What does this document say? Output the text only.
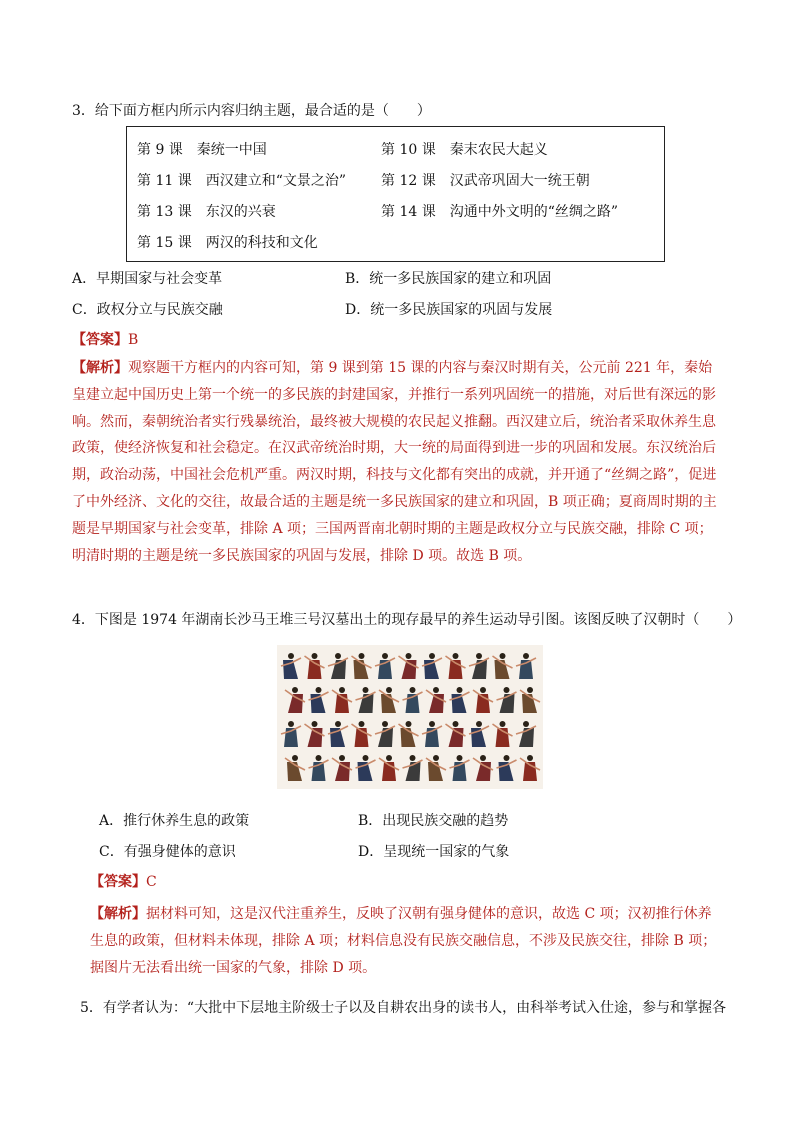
3．给下面方框内所示内容归纳主题，最合适的是（　　）
第 9 课　秦统一中国	第 10 课　秦末农民大起义
第 11 课　西汉建立和“文景之治” 第 12 课　汉武帝巩固大一统王朝
第 13 课　东汉的兴衰	第 14 课　沟通中外文明的“丝绸之路”
第 15 课　两汉的科技和文化
A．早期国家与社会变革	B．统一多民族国家的建立和巩固
C．政权分立与民族交融	D．统一多民族国家的巩固与发展
【答案】B
【解析】观察题干方框内的内容可知，第 9 课到第 15 课的内容与秦汉时期有关，公元前 221 年，秦始皇建立起中国历史上第一个统一的多民族的封建国家，并推行一系列巩固统一的措施，对后世有深远的影响。然而，秦朝统治者实行残暴统治，最终被大规模的农民起义推翻。西汉建立后，统治者采取休养生息政策，使经济恢复和社会稳定。在汉武帝统治时期，大一统的局面得到进一步的巩固和发展。东汉统治后期，政治动荡，中国社会危机严重。两汉时期，科技与文化都有突出的成就，并开通了“丝绸之路”，促进了中外经济、文化的交往，故最合适的主题是统一多民族国家的建立和巩固，B 项正确；夏商周时期的主题是早期国家与社会变革，排除 A 项；三国两晋南北朝时期的主题是政权分立与民族交融，排除 C 项；明清时期的主题是统一多民族国家的巩固与发展，排除 D 项。故选 B 项。
4．下图是 1974 年湖南长沙马王堆三号汉墓出土的现存最早的养生运动导引图。该图反映了汉朝时（　　）
A．推行休养生息的政策	B．出现民族交融的趋势
C．有强身健体的意识	D．呈现统一国家的气象
【答案】C
【解析】据材料可知，这是汉代注重养生，反映了汉朝有强身健体的意识，故选 C 项；汉初推行休养生息的政策，但材料未体现，排除 A 项；材料信息没有民族交融信息，不涉及民族交往，排除 B 项；据图片无法看出统一国家的气象，排除 D 项。
5．有学者认为：“大批中下层地主阶级士子以及自耕农出身的读书人，由科举考试入仕途，参与和掌握各
